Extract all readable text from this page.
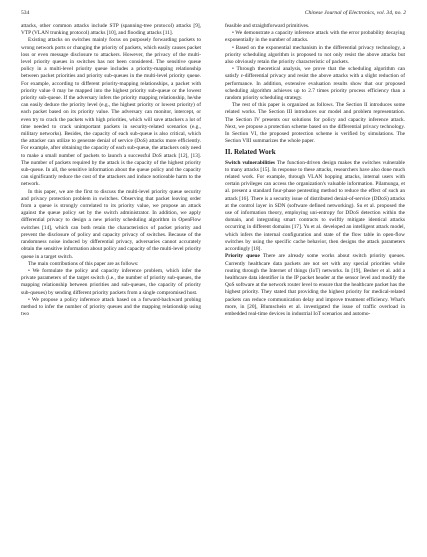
534	Chinese Journal of Electronics, vol. 34, no. 2

attacks, other common attacks include STP (spanning-tree protocol) attacks [9], VTP (VLAN trunking protocol) attacks [10], and flooding attacks [11].

Existing attacks on switches mainly focus on purposely forwarding packets to wrong network ports or changing the priority of packets, which easily causes packet loss or even message disclosure to attackers. However, the privacy of the multi-level priority queues in switches has not been considered. The sensitive queue policy in a multi-level priority queue includes a priority-mapping relationship between packet priorities and priority sub-queues in the multi-level priority queue. For example, according to different priority-mapping relationships, a packet with priority value 0 may be mapped into the highest priority sub-queue or the lowest priority sub-queue. If the adversary infers the priority mapping relationship, he/she can easily deduce the priority level (e.g., the highest priority or lowest priority) of each packet based on its priority value. The adversary can monitor, intercept, or even try to crack the packets with high priorities, which will save attackers a lot of time needed to crack unimportant packets in security-related scenarios (e.g., military networks). Besides, the capacity of each sub-queue is also critical, which the attacker can utilize to generate denial of service (DoS) attacks more efficiently. For example, after obtaining the capacity of each sub-queue, the attackers only need to make a small number of packets to launch a successful DoS attack [12], [13]. The number of packets required by the attack is the capacity of the highest priority sub-queue. In all, the sensitive information about the queue policy and the capacity can significantly reduce the cost of the attackers and induce noticeable harm to the network.

In this paper, we are the first to discuss the multi-level priority queue security and privacy protection problem in switches. Observing that packet leaving order from a queue is strongly correlated to its priority value, we propose an attack against the queue policy set by the switch administrator. In addition, we apply differential privacy to design a new priority scheduling algorithm in OpenFlow switches [14], which can both retain the characteristics of packet priority and prevent the disclosure of policy and capacity privacy of switches. Because of the randomness noise induced by differential privacy, adversaries cannot accurately obtain the sensitive information about policy and capacity of the multi-level priority queue in a target switch.

The main contributions of this paper are as follows:

• We formulate the policy and capacity inference problem, which infer the private parameters of the target switch (i.e., the number of priority sub-queues, the mapping relationship between priorities and sub-queues, the capacity of priority sub-queues) by sending different priority packets from a single compromised host.

• We propose a policy inference attack based on a forward-backward probing method to infer the number of priority queues and the mapping relationship using two

feasible and straightforward primitives.

• We demonstrate a capacity inference attack with the error probability decaying exponentially in the number of attacks.

• Based on the exponential mechanism in the differential privacy technology, a priority scheduling algorithm is proposed to not only resist the above attacks but also obviously retain the priority characteristic of packets.

• Through theoretical analysis, we prove that the scheduling algorithm can satisfy ε-differential privacy and resist the above attacks with a slight reduction of performance. In addition, extensive evaluation results show that our proposed scheduling algorithm achieves up to 2.7 times priority process efficiency than a random priority scheduling strategy.

The rest of this paper is organized as follows. The Section II introduces some related works. The Section III introduces our model and problem representation. The Section IV presents our solutions for policy and capacity inference attack. Next, we propose a protection scheme based on the differential privacy technology. In Section VI, the proposed protection scheme is verified by simulations. The Section VIII summarizes the whole paper.

II. Related Work

Switch vulnerabilities The function-driven design makes the switches vulnerable to many attacks [15]. In response to these attacks, researchers have also done much related work. For example, through VLAN hopping attacks, internal users with certain privileges can access the organization's valuable information. Pilamunga, et al. present a standard four-phase pentesting method to reduce the effect of such an attack [16]. There is a security issue of distributed denial-of-service (DDoS) attacks at the control layer in SDN (software defined networking). Su et al. proposed the use of information theory, employing uni-entropy for DDoS detection within the domain, and integrating smart contracts to swiftly mitigate identical attacks occurring in different domains [17]. Yu et al. developed an intelligent attack model, which infers the internal configuration and state of the flow table in open-flow switches by using the specific cache behavior, then designs the attack parameters accordingly [18].

Priority queue There are already some works about switch priority queues. Currently healthcare data packets are not set with any special priorities while routing through the Internet of things (IoT) networks. In [19], Besher et al. add a healthcare data identifier in the IP packet header at the sensor level and modify the QoS software at the network router level to ensure that the healthcare packet has the highest priority. They stated that providing the highest priority for medical-related packets can reduce communication delay and improve treatment efficiency. What's more, in [20], Blumschein et al. investigated the issue of traffic overload in embedded real-time devices in industrial IoT scenarios and automo-
